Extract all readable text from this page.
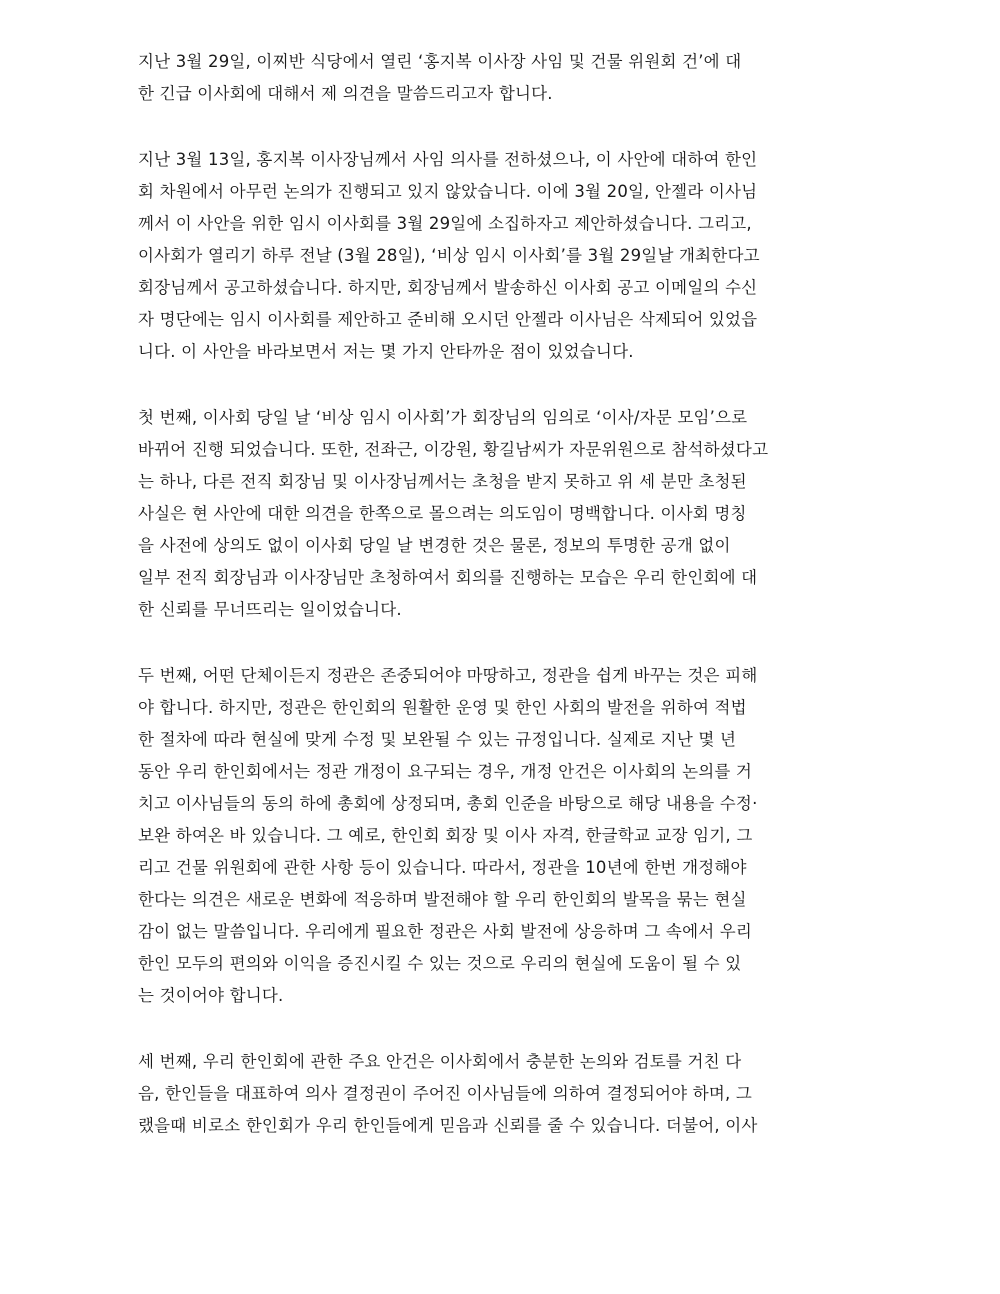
지난 3월 29일, 이찌반 식당에서 열린 ‘홍지복 이사장 사임 및 건물 위원회 건’에 대
한 긴급 이사회에 대해서 제 의견을 말씀드리고자 합니다.
지난 3월 13일, 홍지복 이사장님께서 사임 의사를 전하셨으나, 이 사안에 대하여 한인
회 차원에서 아무런 논의가 진행되고 있지 않았습니다. 이에 3월 20일, 안젤라 이사님
께서 이 사안을 위한 임시 이사회를 3월 29일에 소집하자고 제안하셨습니다. 그리고,
이사회가 열리기 하루 전날 (3월 28일), ‘비상 임시 이사회’를 3월 29일날 개최한다고
회장님께서 공고하셨습니다. 하지만, 회장님께서 발송하신 이사회 공고 이메일의 수신
자 명단에는 임시 이사회를 제안하고 준비해 오시던 안젤라 이사님은 삭제되어 있었읍
니다. 이 사안을 바라보면서 저는 몇 가지 안타까운 점이 있었습니다.
첫 번째, 이사회 당일 날 ‘비상 임시 이사회’가 회장님의 임의로 ‘이사/자문 모임’으로
바뀌어 진행 되었습니다. 또한, 전좌근, 이강원, 황길남씨가 자문위원으로 참석하셨다고
는 하나, 다른 전직 회장님 및 이사장님께서는 초청을 받지 못하고 위 세 분만 초청된
사실은 현 사안에 대한 의견을 한쪽으로 몰으려는 의도임이 명백합니다. 이사회 명칭
을 사전에 상의도 없이 이사회 당일 날 변경한 것은 물론, 정보의 투명한 공개 없이
일부 전직 회장님과 이사장님만 초청하여서 회의를 진행하는 모습은 우리 한인회에 대
한 신뢰를 무너뜨리는 일이었습니다.
두 번째, 어떤 단체이든지 정관은 존중되어야 마땅하고, 정관을 쉽게 바꾸는 것은 피해
야 합니다. 하지만, 정관은 한인회의 원활한 운영 및 한인 사회의 발전을 위하여 적법
한 절차에 따라 현실에 맞게 수정 및 보완될 수 있는 규정입니다. 실제로 지난 몇 년
동안 우리 한인회에서는 정관 개정이 요구되는 경우, 개정 안건은 이사회의 논의를 거
치고 이사님들의 동의 하에 총회에 상정되며, 총회 인준을 바탕으로 해당 내용을 수정·
보완 하여온 바 있습니다. 그 예로, 한인회 회장 및 이사 자격, 한글학교 교장 임기, 그
리고 건물 위원회에 관한 사항 등이 있습니다. 따라서, 정관을 10년에 한번 개정해야
한다는 의견은 새로운 변화에 적응하며 발전해야 할 우리 한인회의 발목을 묶는 현실
감이 없는 말씀입니다. 우리에게 필요한 정관은 사회 발전에 상응하며 그 속에서 우리
한인 모두의 편의와 이익을 증진시킬 수 있는 것으로 우리의 현실에 도움이 될 수 있
는 것이어야 합니다.
세 번째, 우리 한인회에 관한 주요 안건은 이사회에서 충분한 논의와 검토를 거친 다
음, 한인들을 대표하여 의사 결정권이 주어진 이사님들에 의하여 결정되어야 하며, 그
랬을때 비로소 한인회가 우리 한인들에게 믿음과 신뢰를 줄 수 있습니다. 더불어, 이사
